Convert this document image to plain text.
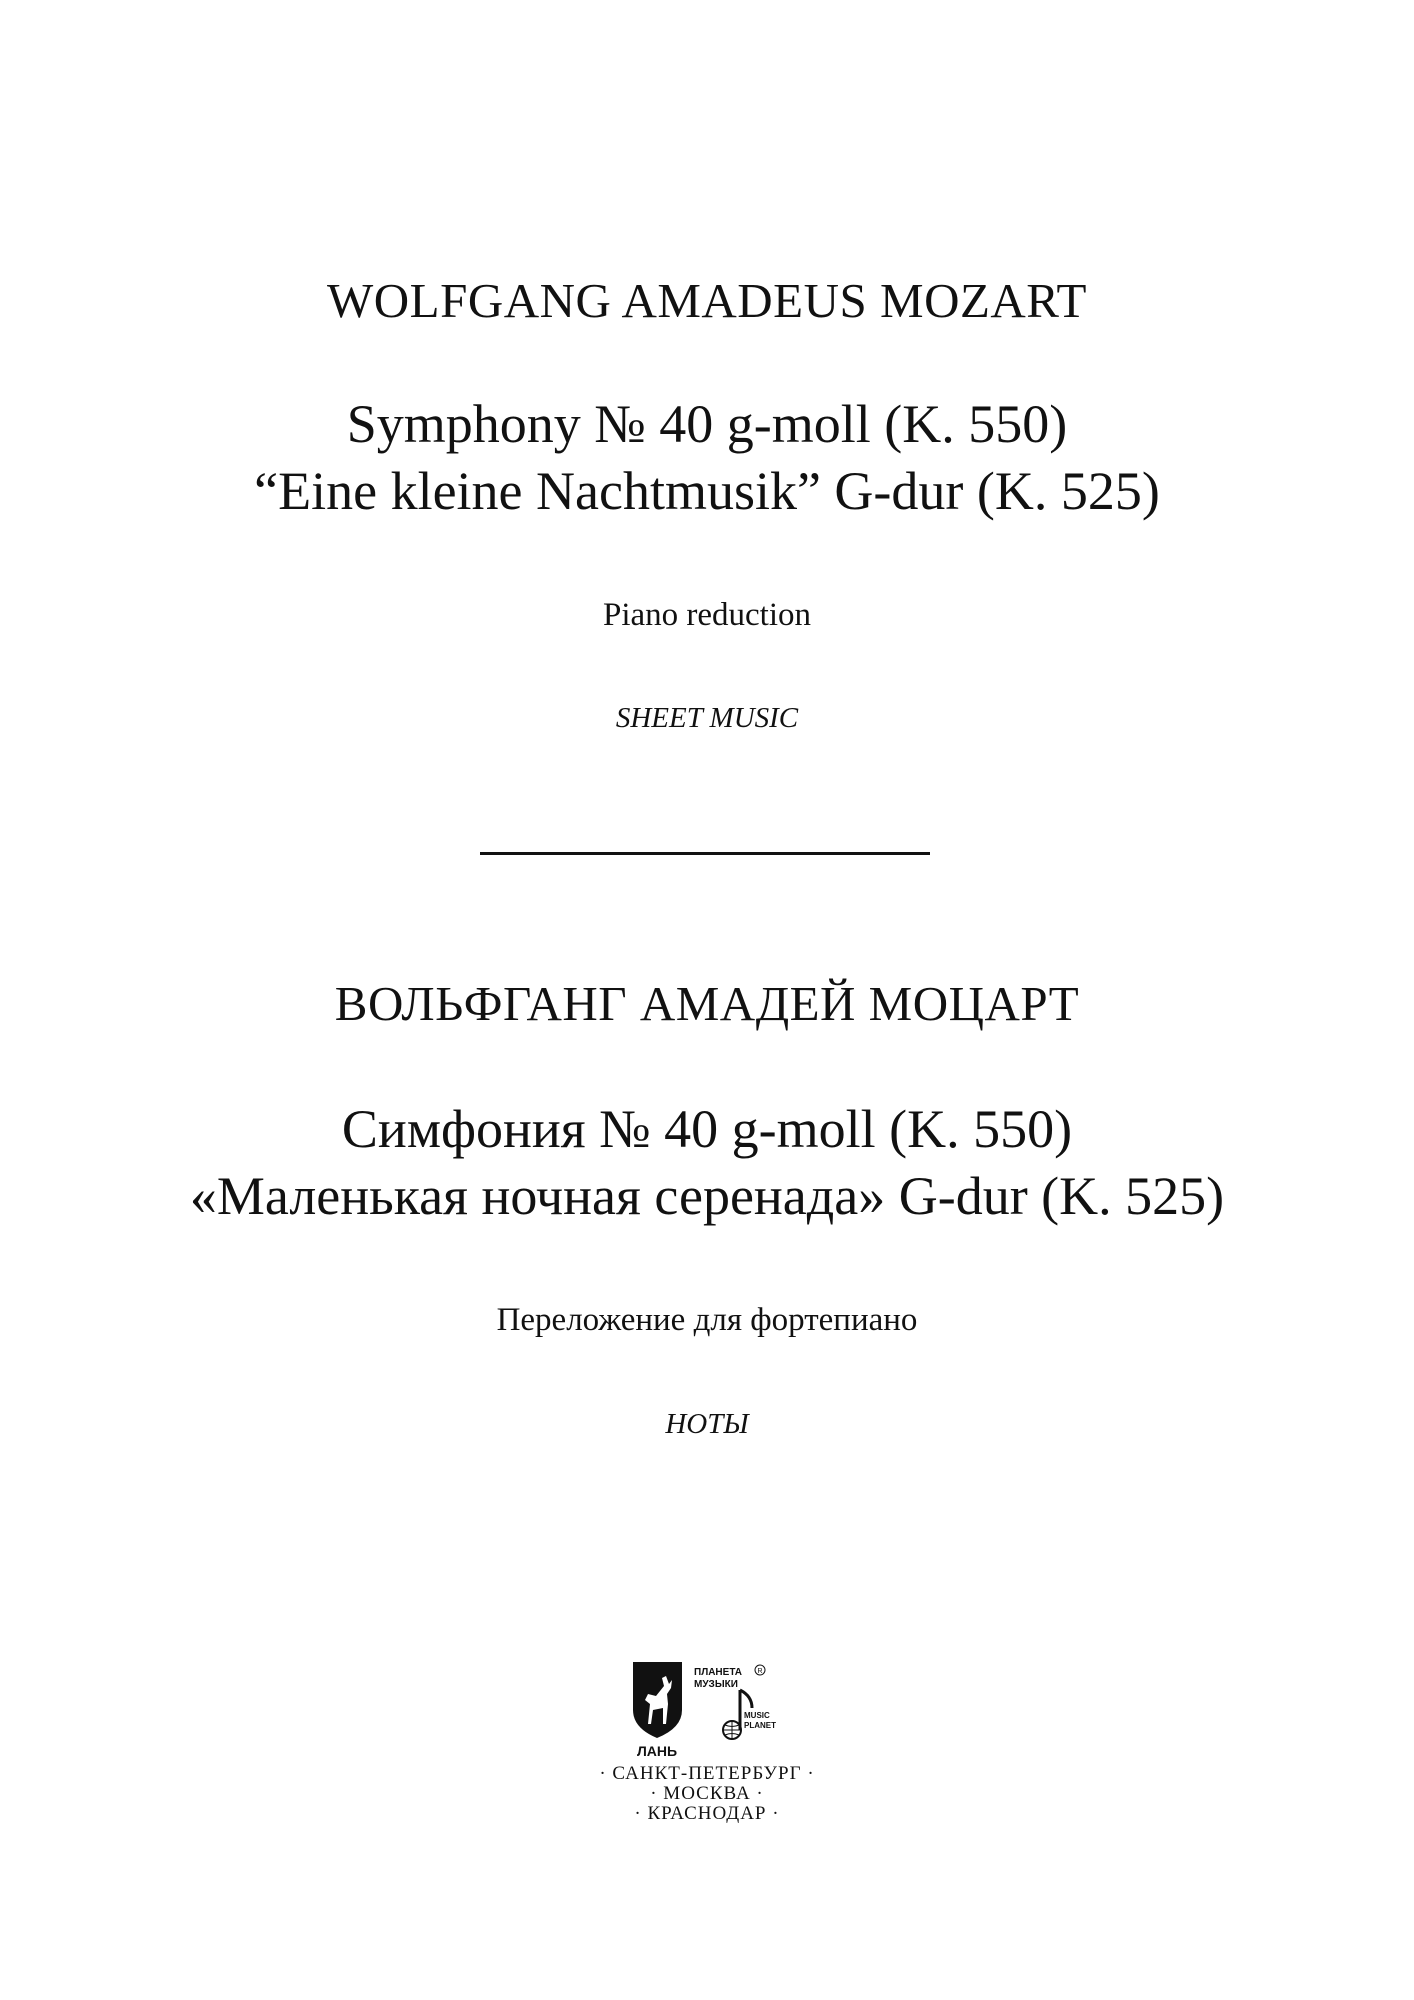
WOLFGANG AMADEUS MOZART
Symphony № 40 g-moll (K. 550)
“Eine kleine Nachtmusik” G-dur (K. 525)
Piano reduction
SHEET MUSIC
ВОЛЬФГАНГ АМАДЕЙ МОЦАРТ
Симфония № 40 g-moll (K. 550)
«Маленькая ночная серенада» G-dur (K. 525)
Переложение для фортепиано
НОТЫ
ЛАНЬ
ПЛАНЕТА
МУЗЫКИ
R
MUSIC
PLANET
· САНКТ-ПЕТЕРБУРГ ·
· МОСКВА ·
· КРАСНОДАР ·
